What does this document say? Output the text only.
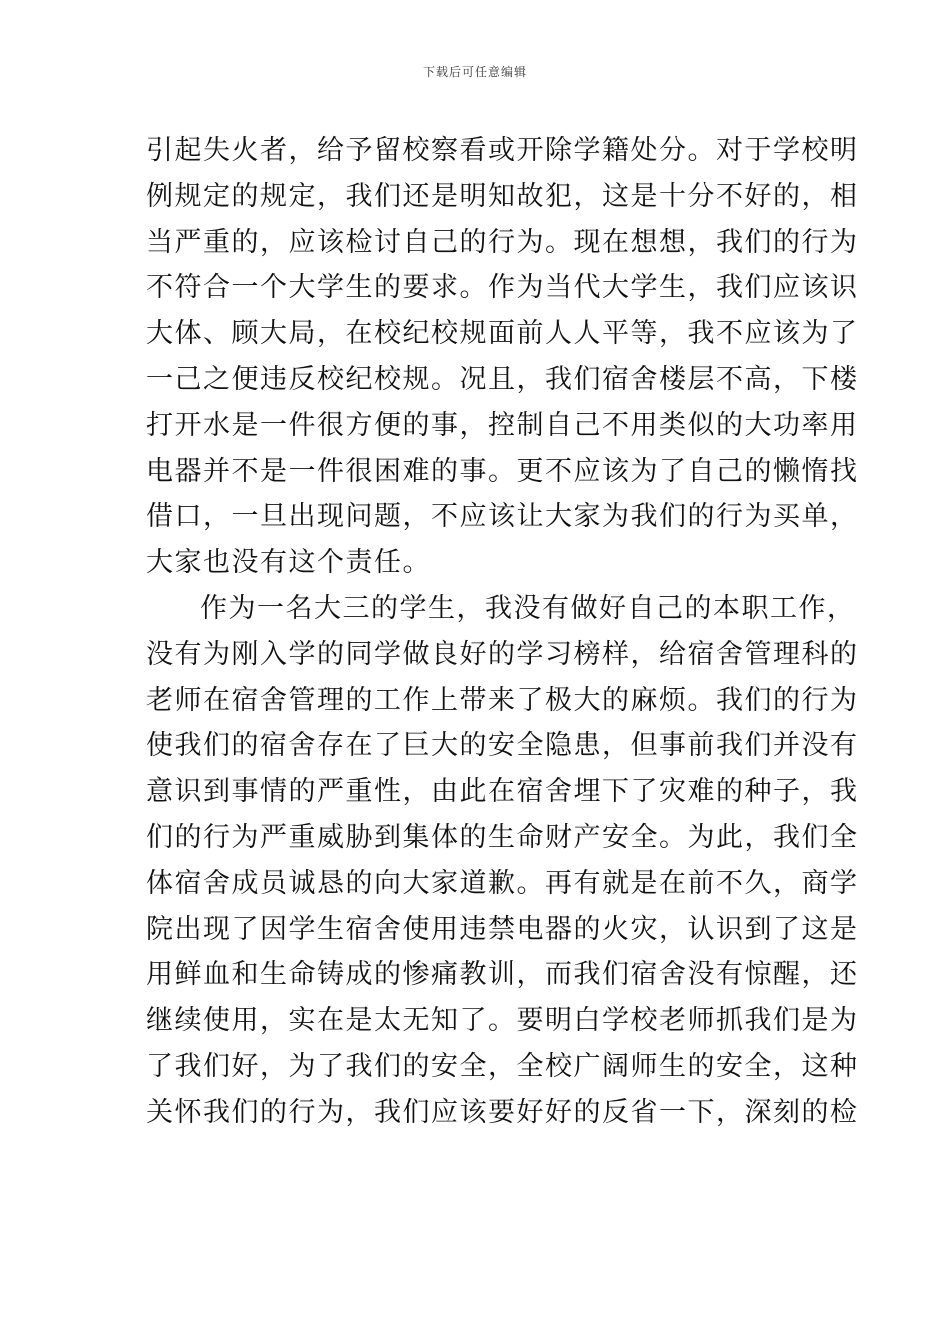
下载后可任意编辑
引起失火者，给予留校察看或开除学籍处分。对于学校明
例规定的规定，我们还是明知故犯，这是十分不好的，相
当严重的，应该检讨自己的行为。现在想想，我们的行为
不符合一个大学生的要求。作为当代大学生，我们应该识
大体、顾大局，在校纪校规面前人人平等，我不应该为了
一己之便违反校纪校规。况且，我们宿舍楼层不高，下楼
打开水是一件很方便的事，控制自己不用类似的大功率用
电器并不是一件很困难的事。更不应该为了自己的懒惰找
借口，一旦出现问题，不应该让大家为我们的行为买单，
大家也没有这个责任。
作为一名大三的学生，我没有做好自己的本职工作，
没有为刚入学的同学做良好的学习榜样，给宿舍管理科的
老师在宿舍管理的工作上带来了极大的麻烦。我们的行为
使我们的宿舍存在了巨大的安全隐患，但事前我们并没有
意识到事情的严重性，由此在宿舍埋下了灾难的种子，我
们的行为严重威胁到集体的生命财产安全。为此，我们全
体宿舍成员诚恳的向大家道歉。再有就是在前不久，商学
院出现了因学生宿舍使用违禁电器的火灾，认识到了这是
用鲜血和生命铸成的惨痛教训，而我们宿舍没有惊醒，还
继续使用，实在是太无知了。要明白学校老师抓我们是为
了我们好，为了我们的安全，全校广阔师生的安全，这种
关怀我们的行为，我们应该要好好的反省一下，深刻的检
